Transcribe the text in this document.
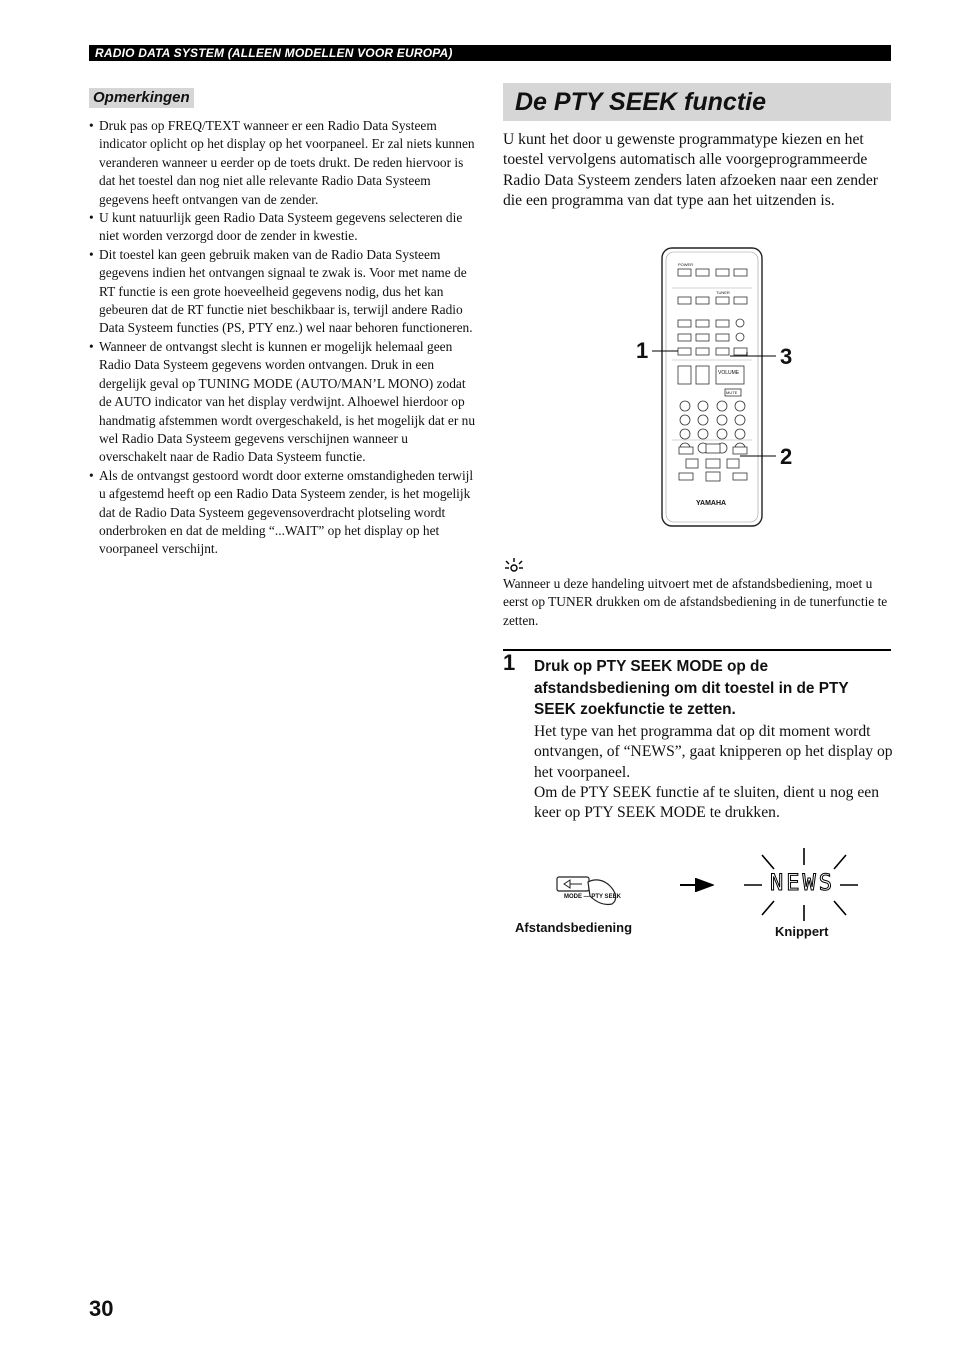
RADIO DATA SYSTEM (ALLEEN MODELLEN VOOR EUROPA)
Opmerkingen
• Druk pas op FREQ/TEXT wanneer er een Radio Data Systeem indicator oplicht op het display op het voorpaneel. Er zal niets kunnen veranderen wanneer u eerder op de toets drukt. De reden hiervoor is dat het toestel dan nog niet alle relevante Radio Data Systeem gegevens heeft ontvangen van de zender.
• U kunt natuurlijk geen Radio Data Systeem gegevens selecteren die niet worden verzorgd door de zender in kwestie.
• Dit toestel kan geen gebruik maken van de Radio Data Systeem gegevens indien het ontvangen signaal te zwak is. Voor met name de RT functie is een grote hoeveelheid gegevens nodig, dus het kan gebeuren dat de RT functie niet beschikbaar is, terwijl andere Radio Data Systeem functies (PS, PTY enz.) wel naar behoren functioneren.
• Wanneer de ontvangst slecht is kunnen er mogelijk helemaal geen Radio Data Systeem gegevens worden ontvangen. Druk in een dergelijk geval op TUNING MODE (AUTO/MAN’L MONO) zodat de AUTO indicator van het display verdwijnt. Alhoewel hierdoor op handmatig afstemmen wordt overgeschakeld, is het mogelijk dat er nu wel Radio Data Systeem gegevens verschijnen wanneer u overschakelt naar de Radio Data Systeem functie.
• Als de ontvangst gestoord wordt door externe omstandigheden terwijl u afgestemd heeft op een Radio Data Systeem zender, is het mogelijk dat de Radio Data Systeem gegevensoverdracht plotseling wordt onderbroken en dat de melding “...WAIT” op het display op het voorpaneel verschijnt.
De PTY SEEK functie

U kunt het door u gewenste programmatype kiezen en het toestel vervolgens automatisch alle voorgeprogrammeerde Radio Data Systeem zenders laten afzoeken naar een zender die een programma van dat type aan het uitzenden is.

POWER
TUNER
VOLUME
MUTE
YAMAHA
1	3
2

Wanneer u deze handeling uitvoert met de afstandsbediening, moet u eerst op TUNER drukken om de afstandsbediening in de tunerfunctie te zetten.

1 Druk op PTY SEEK MODE op de afstandsbediening om dit toestel in de PTY SEEK zoekfunctie te zetten.

Het type van het programma dat op dit moment wordt ontvangen, of “NEWS”, gaat knipperen op het display op het voorpaneel.

Om de PTY SEEK functie af te sluiten, dient u nog een keer op PTY SEEK MODE te drukken.

MODE — PTY SEEK
NEWS
Afstandsbediening	Knippert
30
